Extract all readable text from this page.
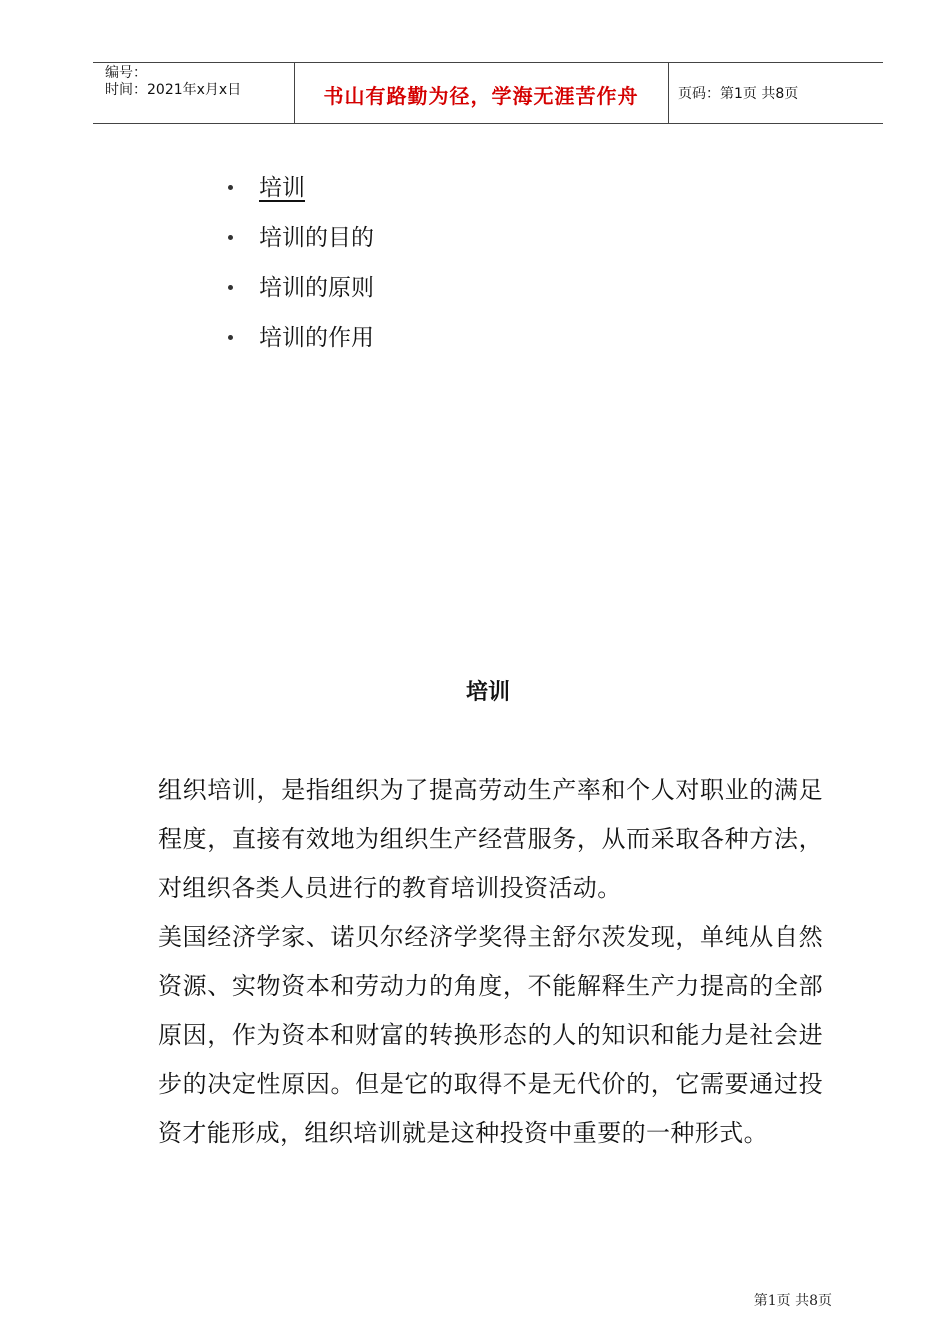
编号：
时间：2021年x月x日	书山有路勤为径，学海无涯苦作舟	页码：第1页 共8页
培训
培训的目的
培训的原则
培训的作用
培训

组织培训，是指组织为了提高劳动生产率和个人对职业的满足程度，直接有效地为组织生产经营服务，从而采取各种方法，对组织各类人员进行的教育培训投资活动。

美国经济学家、诺贝尔经济学奖得主舒尔茨发现，单纯从自然资源、实物资本和劳动力的角度，不能解释生产力提高的全部原因，作为资本和财富的转换形态的人的知识和能力是社会进步的决定性原因。但是它的取得不是无代价的，它需要通过投资才能形成，组织培训就是这种投资中重要的一种形式。

第1页 共8页
